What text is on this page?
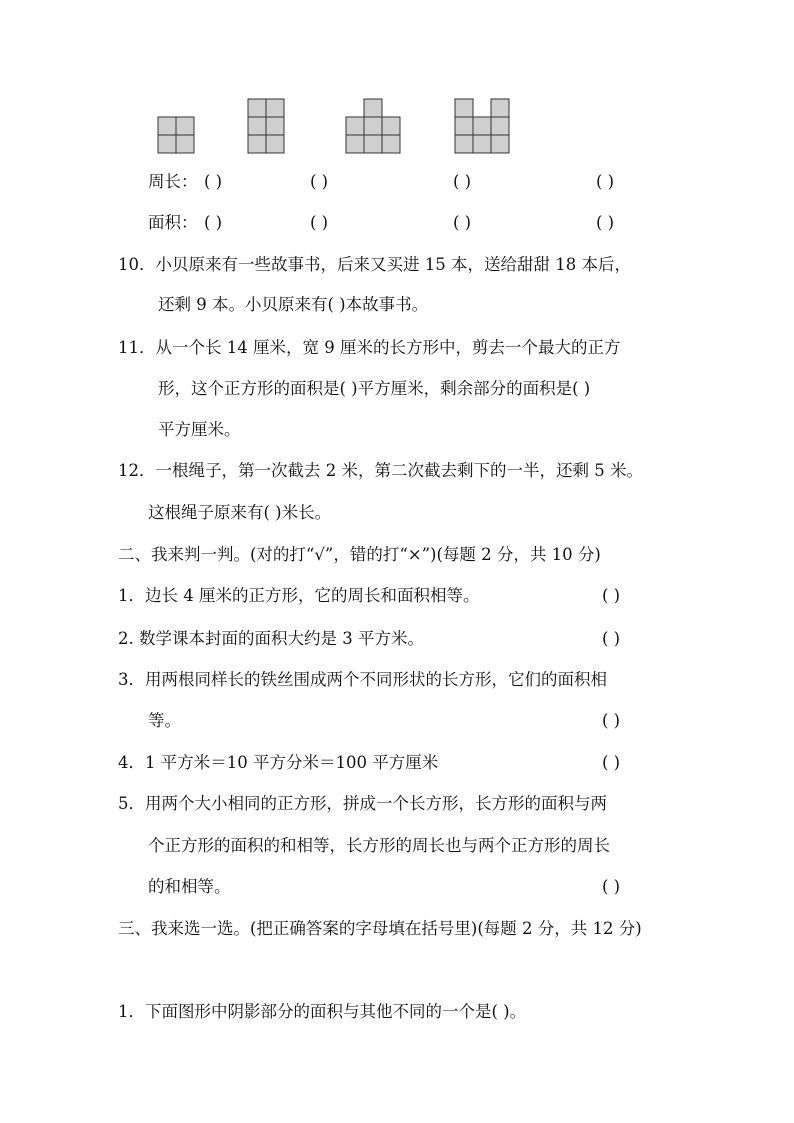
周长： ( )	( )	( )	( )
面积： ( )	( )	( )	( )
10．小贝原来有一些故事书，后来又买进 15 本，送给甜甜 18 本后，
还剩 9 本。小贝原来有( )本故事书。
11．从一个长 14 厘米，宽 9 厘米的长方形中，剪去一个最大的正方
形，这个正方形的面积是( )平方厘米，剩余部分的面积是( )
平方厘米。
12．一根绳子，第一次截去 2 米，第二次截去剩下的一半，还剩 5 米。
这根绳子原来有( )米长。
二、我来判一判。(对的打“√”，错的打“×”)(每题 2 分，共 10 分)
1．边长 4 厘米的正方形，它的周长和面积相等。	( )
2. 数学课本封面的面积大约是 3 平方米。	( )
3．用两根同样长的铁丝围成两个不同形状的长方形，它们的面积相
等。	( )
4．1 平方米＝10 平方分米＝100 平方厘米	( )
5．用两个大小相同的正方形，拼成一个长方形，长方形的面积与两
个正方形的面积的和相等，长方形的周长也与两个正方形的周长
的和相等。	( )
三、我来选一选。(把正确答案的字母填在括号里)(每题 2 分，共 12 分)
1．下面图形中阴影部分的面积与其他不同的一个是( )。
